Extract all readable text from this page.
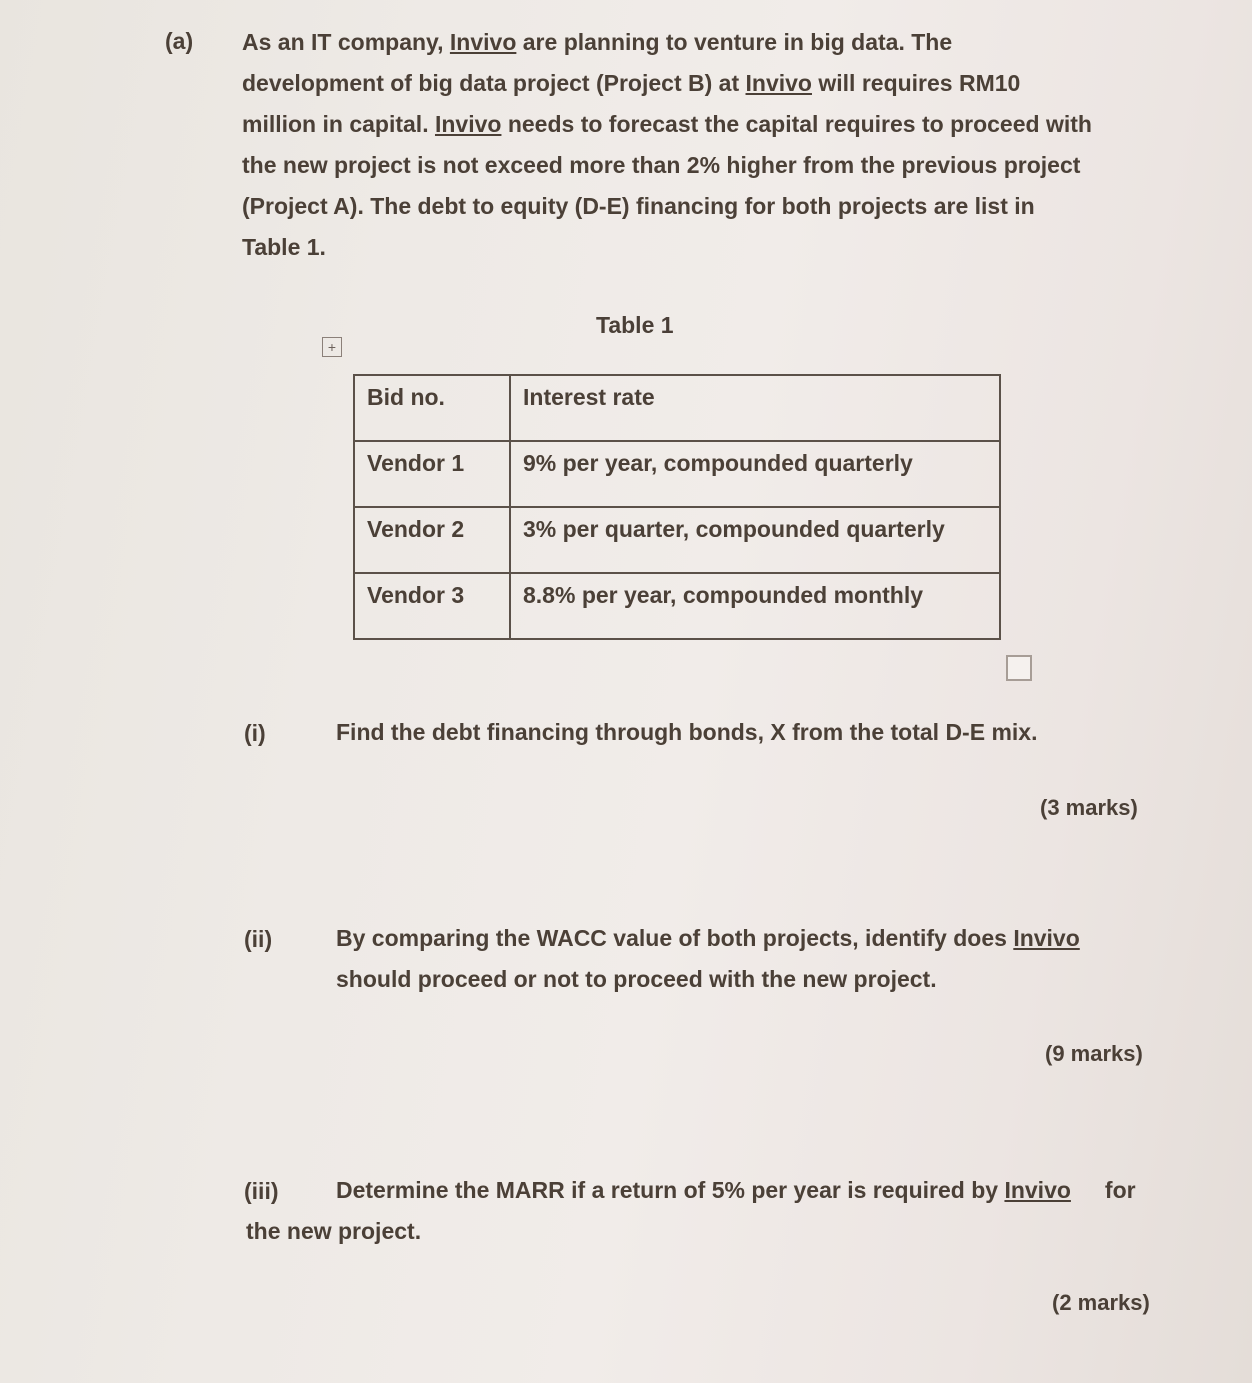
(a) As an IT company, Invivo are planning to venture in big data. The
development of big data project (Project B) at Invivo will requires RM10
million in capital. Invivo needs to forecast the capital requires to proceed with
the new project is not exceed more than 2% higher from the previous project
(Project A). The debt to equity (D-E) financing for both projects are list in
Table 1.
Table 1
+
Bid no.	Interest rate
Vendor 1	9% per year, compounded quarterly
Vendor 2	3% per quarter, compounded quarterly
Vendor 3	8.8% per year, compounded monthly
(i)	Find the debt financing through bonds, X from the total D-E mix.
(3 marks)
(ii)	By comparing the WACC value of both projects, identify does Invivo
should proceed or not to proceed with the new project.
(9 marks)
(iii)	Determine the MARR if a return of 5% per year is required by Invivo for
the new project.
(2 marks)
